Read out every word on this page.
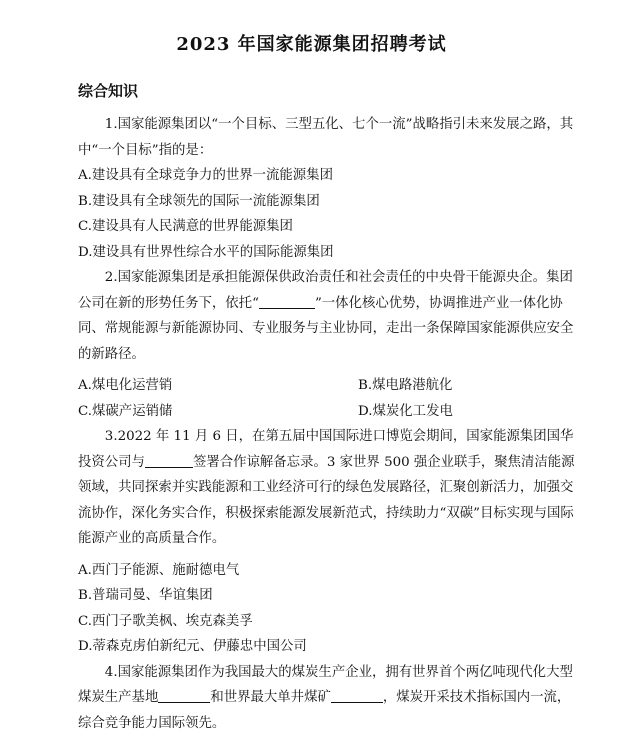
2023 年国家能源集团招聘考试
综合知识
1.国家能源集团以“一个目标、三型五化、七个一流”战略指引未来发展之路，其中“一个目标”指的是：
A.建设具有全球竞争力的世界一流能源集团
B.建设具有全球领先的国际一流能源集团
C.建设具有人民满意的世界能源集团
D.建设具有世界性综合水平的国际能源集团
2.国家能源集团是承担能源保供政治责任和社会责任的中央骨干能源央企。集团公司在新的形势任务下，依托“	”一体化核心优势，协调推进产业一体化协同、常规能源与新能源协同、专业服务与主业协同，走出一条保障国家能源供应安全的新路径。
A.煤电化运营销	B.煤电路港航化
C.煤碳产运销储	D.煤炭化工发电
3.2022 年 11 月 6 日，在第五届中国国际进口博览会期间，国家能源集团国华投资公司与	签署合作谅解备忘录。3 家世界 500 强企业联手，聚焦清洁能源领域，共同探索并实践能源和工业经济可行的绿色发展路径，汇聚创新活力，加强交流协作，深化务实合作，积极探索能源发展新范式，持续助力“双碳”目标实现与国际能源产业的高质量合作。
A.西门子能源、施耐德电气
B.普瑞司曼、华谊集团
C.西门子歌美枫、埃克森美孚
D.蒂森克虏伯新纪元、伊藤忠中国公司
4.国家能源集团作为我国最大的煤炭生产企业，拥有世界首个两亿吨现代化大型煤炭生产基地	和世界最大单井煤矿	，煤炭开采技术指标国内一流，综合竞争能力国际领先。
